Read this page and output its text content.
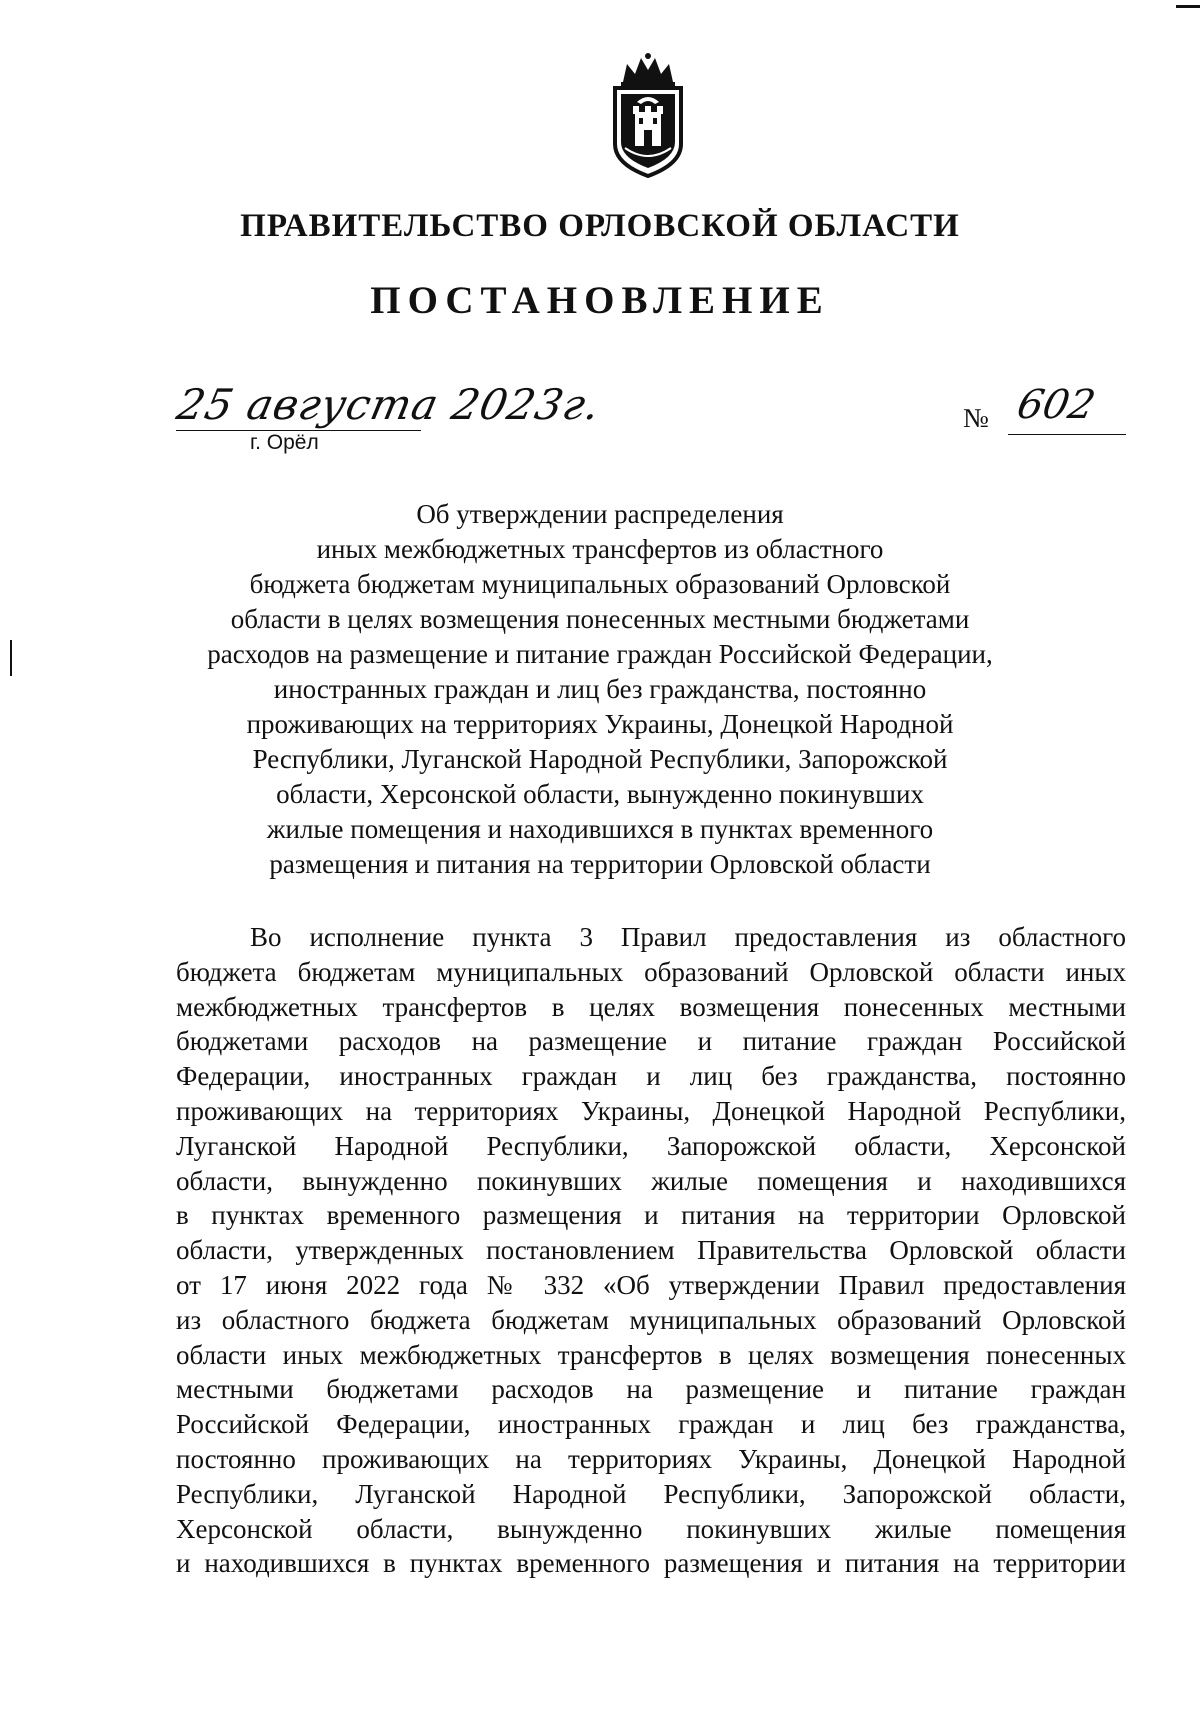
ПРАВИТЕЛЬСТВО ОРЛОВСКОЙ ОБЛАСТИ
ПОСТАНОВЛЕНИЕ
25 августа 2023г.
г. Орёл
№ 602
Об утверждении распределения
иных межбюджетных трансфертов из областного
бюджета бюджетам муниципальных образований Орловской
области в целях возмещения понесенных местными бюджетами
расходов на размещение и питание граждан Российской Федерации,
иностранных граждан и лиц без гражданства, постоянно
проживающих на территориях Украины, Донецкой Народной
Республики, Луганской Народной Республики, Запорожской
области, Херсонской области, вынужденно покинувших
жилые помещения и находившихся в пунктах временного
размещения и питания на территории Орловской области
Во исполнение пункта 3 Правил предоставления из областного
бюджета бюджетам муниципальных образований Орловской области иных
межбюджетных трансфертов в целях возмещения понесенных местными
бюджетами расходов на размещение и питание граждан Российской
Федерации, иностранных граждан и лиц без гражданства, постоянно
проживающих на территориях Украины, Донецкой Народной Республики,
Луганской Народной Республики, Запорожской области, Херсонской
области, вынужденно покинувших жилые помещения и находившихся
в пунктах временного размещения и питания на территории Орловской
области, утвержденных постановлением Правительства Орловской области
от 17 июня 2022 года № 332 «Об утверждении Правил предоставления
из областного бюджета бюджетам муниципальных образований Орловской
области иных межбюджетных трансфертов в целях возмещения понесенных
местными бюджетами расходов на размещение и питание граждан
Российской Федерации, иностранных граждан и лиц без гражданства,
постоянно проживающих на территориях Украины, Донецкой Народной
Республики, Луганской Народной Республики, Запорожской области,
Херсонской области, вынужденно покинувших жилые помещения
и находившихся в пунктах временного размещения и питания на территории
